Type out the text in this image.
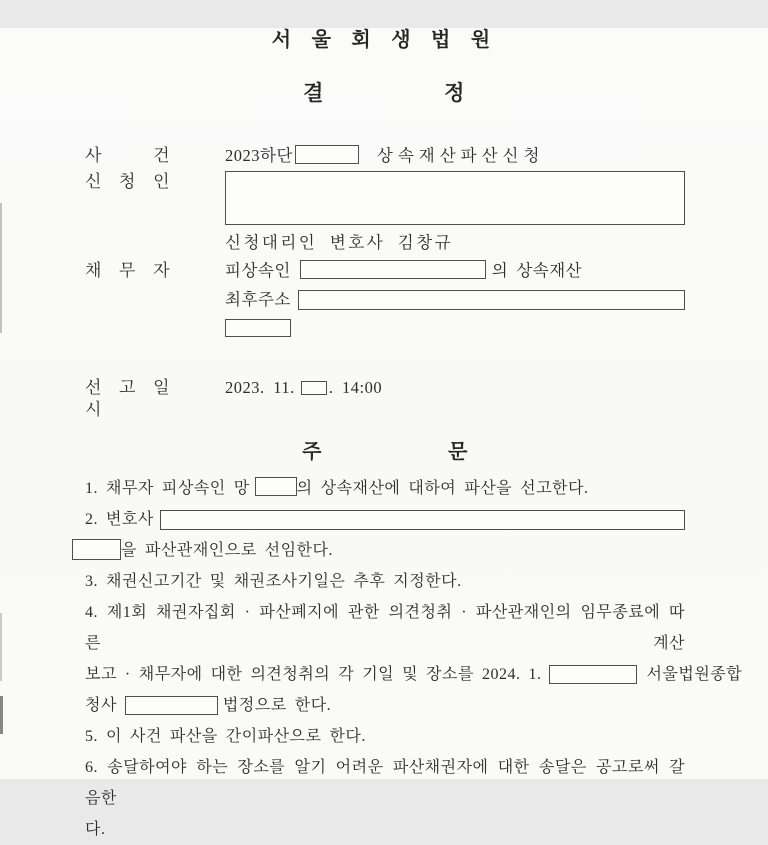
서 울 회 생 법 원
결             정
사 건	2023하단	상속재산파산신청
신 청 인
신청대리인 변호사 김창규
채 무 자	피상속인	의 상속재산
최후주소
선 고 일 시
2023. 11. . 14:00
주              문
1. 채무자 피상속인 망	의 상속재산에 대하여 파산을 선고한다.
2. 변호사
을 파산관재인으로 선임한다.
3. 채권신고기간 및 채권조사기일은 추후 지정한다.
4. 제1회 채권자집회 · 파산폐지에 관한 의견청취 · 파산관재인의 임무종료에 따른 계산
보고 · 채무자에 대한 의견청취의 각 기일 및 장소를 2024. 1.	서울법원종합
청사	법정으로 한다.
5. 이 사건 파산을 간이파산으로 한다.
6. 송달하여야 하는 장소를 알기 어려운 파산채권자에 대한 송달은 공고로써 갈음한
다.
